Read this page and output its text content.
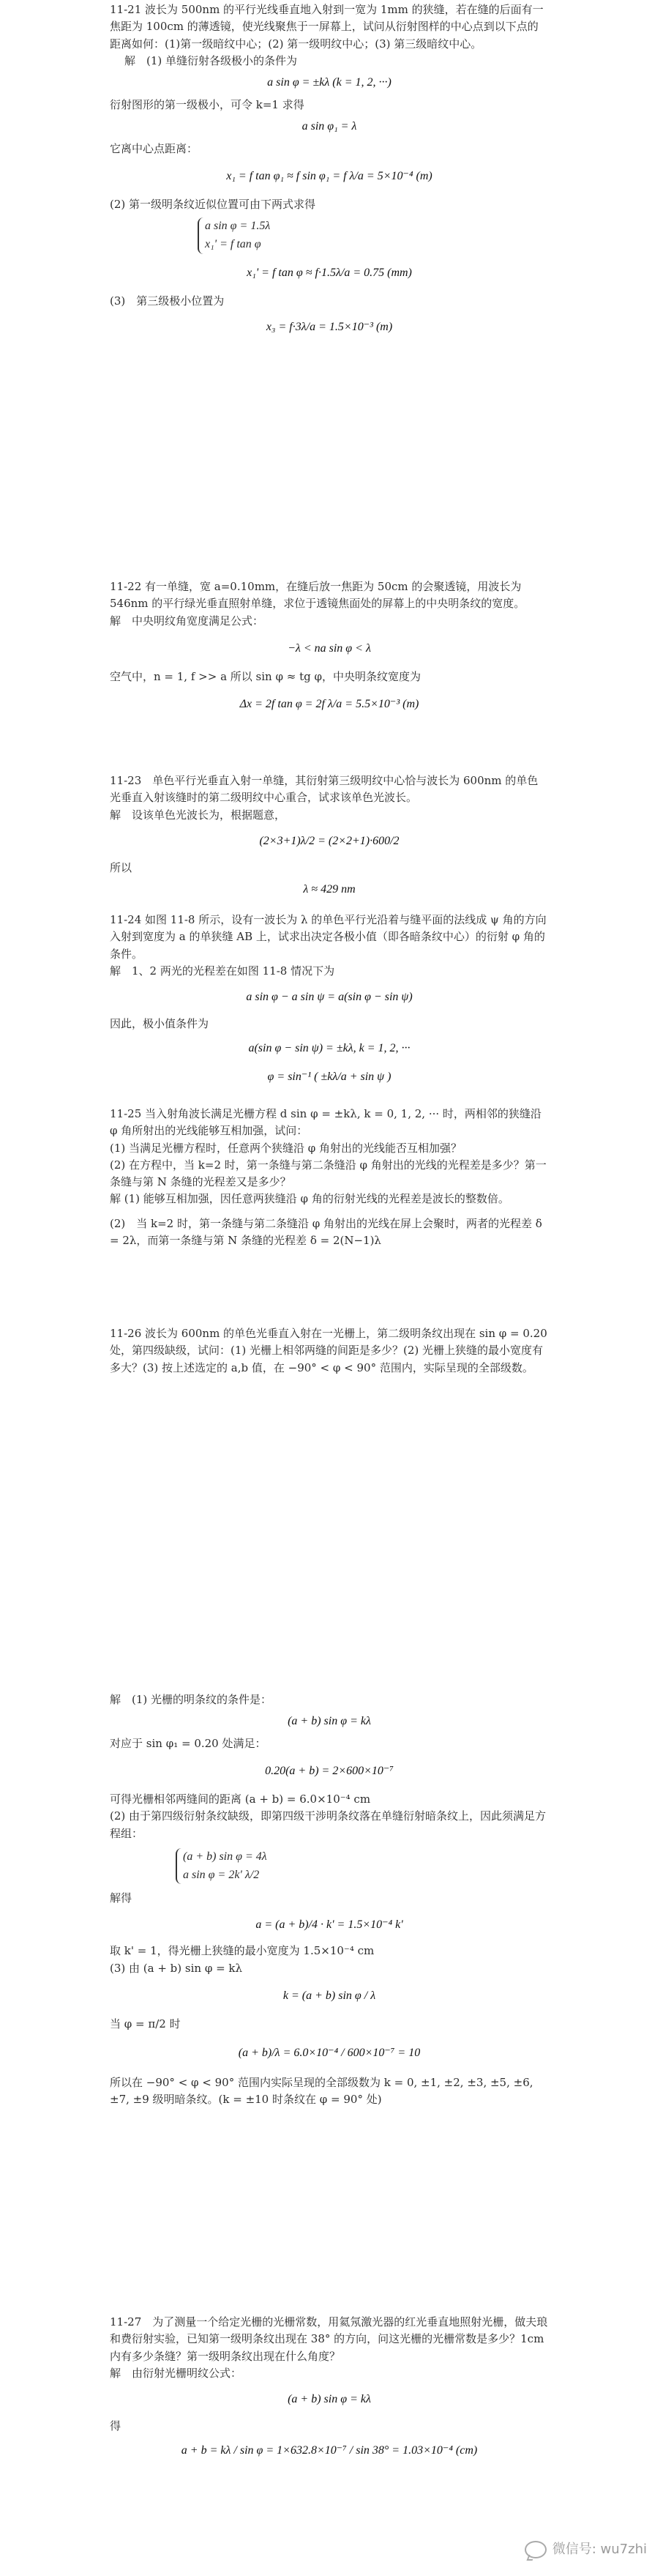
11-21 波长为 500nm 的平行光线垂直地入射到一宽为 1mm 的狭缝，若在缝的后面有一焦距为 100cm 的薄透镜，使光线聚焦于一屏幕上，试问从衍射图样的中心点到以下点的距离如何：(1)第一级暗纹中心；(2) 第一级明纹中心；(3) 第三级暗纹中心。

解　(1) 单缝衍射各级极小的条件为

a sin φ = ±kλ (k = 1, 2, ···)

衍射图形的第一级极小，可令 k=1 求得

a sin φ₁ = λ

它离中心点距离：

x₁ = f tan φ₁ ≈ f sin φ₁ = f λ/a = 5×10⁻⁴ (m)

(2) 第一级明条纹近似位置可由下两式求得

a sin φ = 1.5λ
x₁' = f tan φ
x₁' = f tan φ ≈ f·1.5λ/a = 0.75 (mm)

(3)　第三级极小位置为

x₃ = f·3λ/a = 1.5×10⁻³ (m)

11-22 有一单缝，宽 a=0.10mm，在缝后放一焦距为 50cm 的会聚透镜，用波长为 546nm 的平行绿光垂直照射单缝，求位于透镜焦面处的屏幕上的中央明条纹的宽度。

解　中央明纹角宽度满足公式：

−λ < na sin φ < λ

空气中，n = 1, f >> a 所以 sin φ ≈ tg φ，中央明条纹宽度为

Δx = 2f tan φ = 2f λ/a = 5.5×10⁻³ (m)

11-23　单色平行光垂直入射一单缝，其衍射第三级明纹中心恰与波长为 600nm 的单色光垂直入射该缝时的第二级明纹中心重合，试求该单色光波长。

解　设该单色光波长为，根据题意，

(2×3+1)λ/2 = (2×2+1)·600/2

所以

λ ≈ 429 nm

11-24 如图 11-8 所示，设有一波长为 λ 的单色平行光沿着与缝平面的法线成 ψ 角的方向入射到宽度为 a 的单狭缝 AB 上，试求出决定各极小值（即各暗条纹中心）的衍射 φ 角的条件。

解　1、2 两光的光程差在如图 11-8 情况下为

a sin φ − a sin ψ = a(sin φ − sin ψ)

因此，极小值条件为

a(sin φ − sin ψ) = ±kλ, k = 1, 2, ···
φ = sin⁻¹ ( ±kλ/a + sin ψ )

11-25 当入射角波长满足光栅方程 d sin φ = ±kλ, k = 0, 1, 2, ··· 时，两相邻的狭缝沿 φ 角所射出的光线能够互相加强，试问：

(1) 当满足光栅方程时，任意两个狭缝沿 φ 角射出的光线能否互相加强？

(2) 在方程中，当 k=2 时，第一条缝与第二条缝沿 φ 角射出的光线的光程差是多少？第一条缝与第 N 条缝的光程差又是多少？

解 (1) 能够互相加强，因任意两狭缝沿 φ 角的衍射光线的光程差是波长的整数倍。

(2)　当 k=2 时，第一条缝与第二条缝沿 φ 角射出的光线在屏上会聚时，两者的光程差 δ = 2λ，而第一条缝与第 N 条缝的光程差 δ = 2(N−1)λ

11-26 波长为 600nm 的单色光垂直入射在一光栅上，第二级明条纹出现在 sin φ = 0.20 处，第四级缺级，试问：(1) 光栅上相邻两缝的间距是多少？(2) 光栅上狭缝的最小宽度有多大？(3) 按上述选定的 a,b 值，在 −90° < φ < 90° 范围内，实际呈现的全部级数。

解　(1) 光栅的明条纹的条件是：

(a + b) sin φ = kλ

对应于 sin φ₁ = 0.20 处满足：

0.20(a + b) = 2×600×10⁻⁷

可得光栅相邻两缝间的距离 (a + b) = 6.0×10⁻⁴ cm

(2) 由于第四级衍射条纹缺级，即第四级干涉明条纹落在单缝衍射暗条纹上，因此须满足方程组：

(a + b) sin φ = 4λ
a sin φ = 2k' λ/2

解得

a = (a + b)/4 · k' = 1.5×10⁻⁴ k'

取 k' = 1，得光栅上狭缝的最小宽度为 1.5×10⁻⁴ cm

(3) 由 (a + b) sin φ = kλ

k = (a + b) sin φ / λ

当 φ = π/2 时

(a + b)/λ = 6.0×10⁻⁴ / 600×10⁻⁷ = 10

所以在 −90° < φ < 90° 范围内实际呈现的全部级数为 k = 0, ±1, ±2, ±3, ±5, ±6, ±7, ±9 级明暗条纹。(k = ±10 时条纹在 φ = 90° 处)

11-27　为了测量一个给定光栅的光栅常数，用氦氖激光器的红光垂直地照射光栅，做夫琅和费衍射实验，已知第一级明条纹出现在 38° 的方向，问这光栅的光栅常数是多少？1cm 内有多少条缝？第一级明条纹出现在什么角度？

解　由衍射光栅明纹公式：

(a + b) sin φ = kλ

得

a + b = kλ / sin φ = 1×632.8×10⁻⁷ / sin 38° = 1.03×10⁻⁴ (cm)
微信号: wu7zhi
